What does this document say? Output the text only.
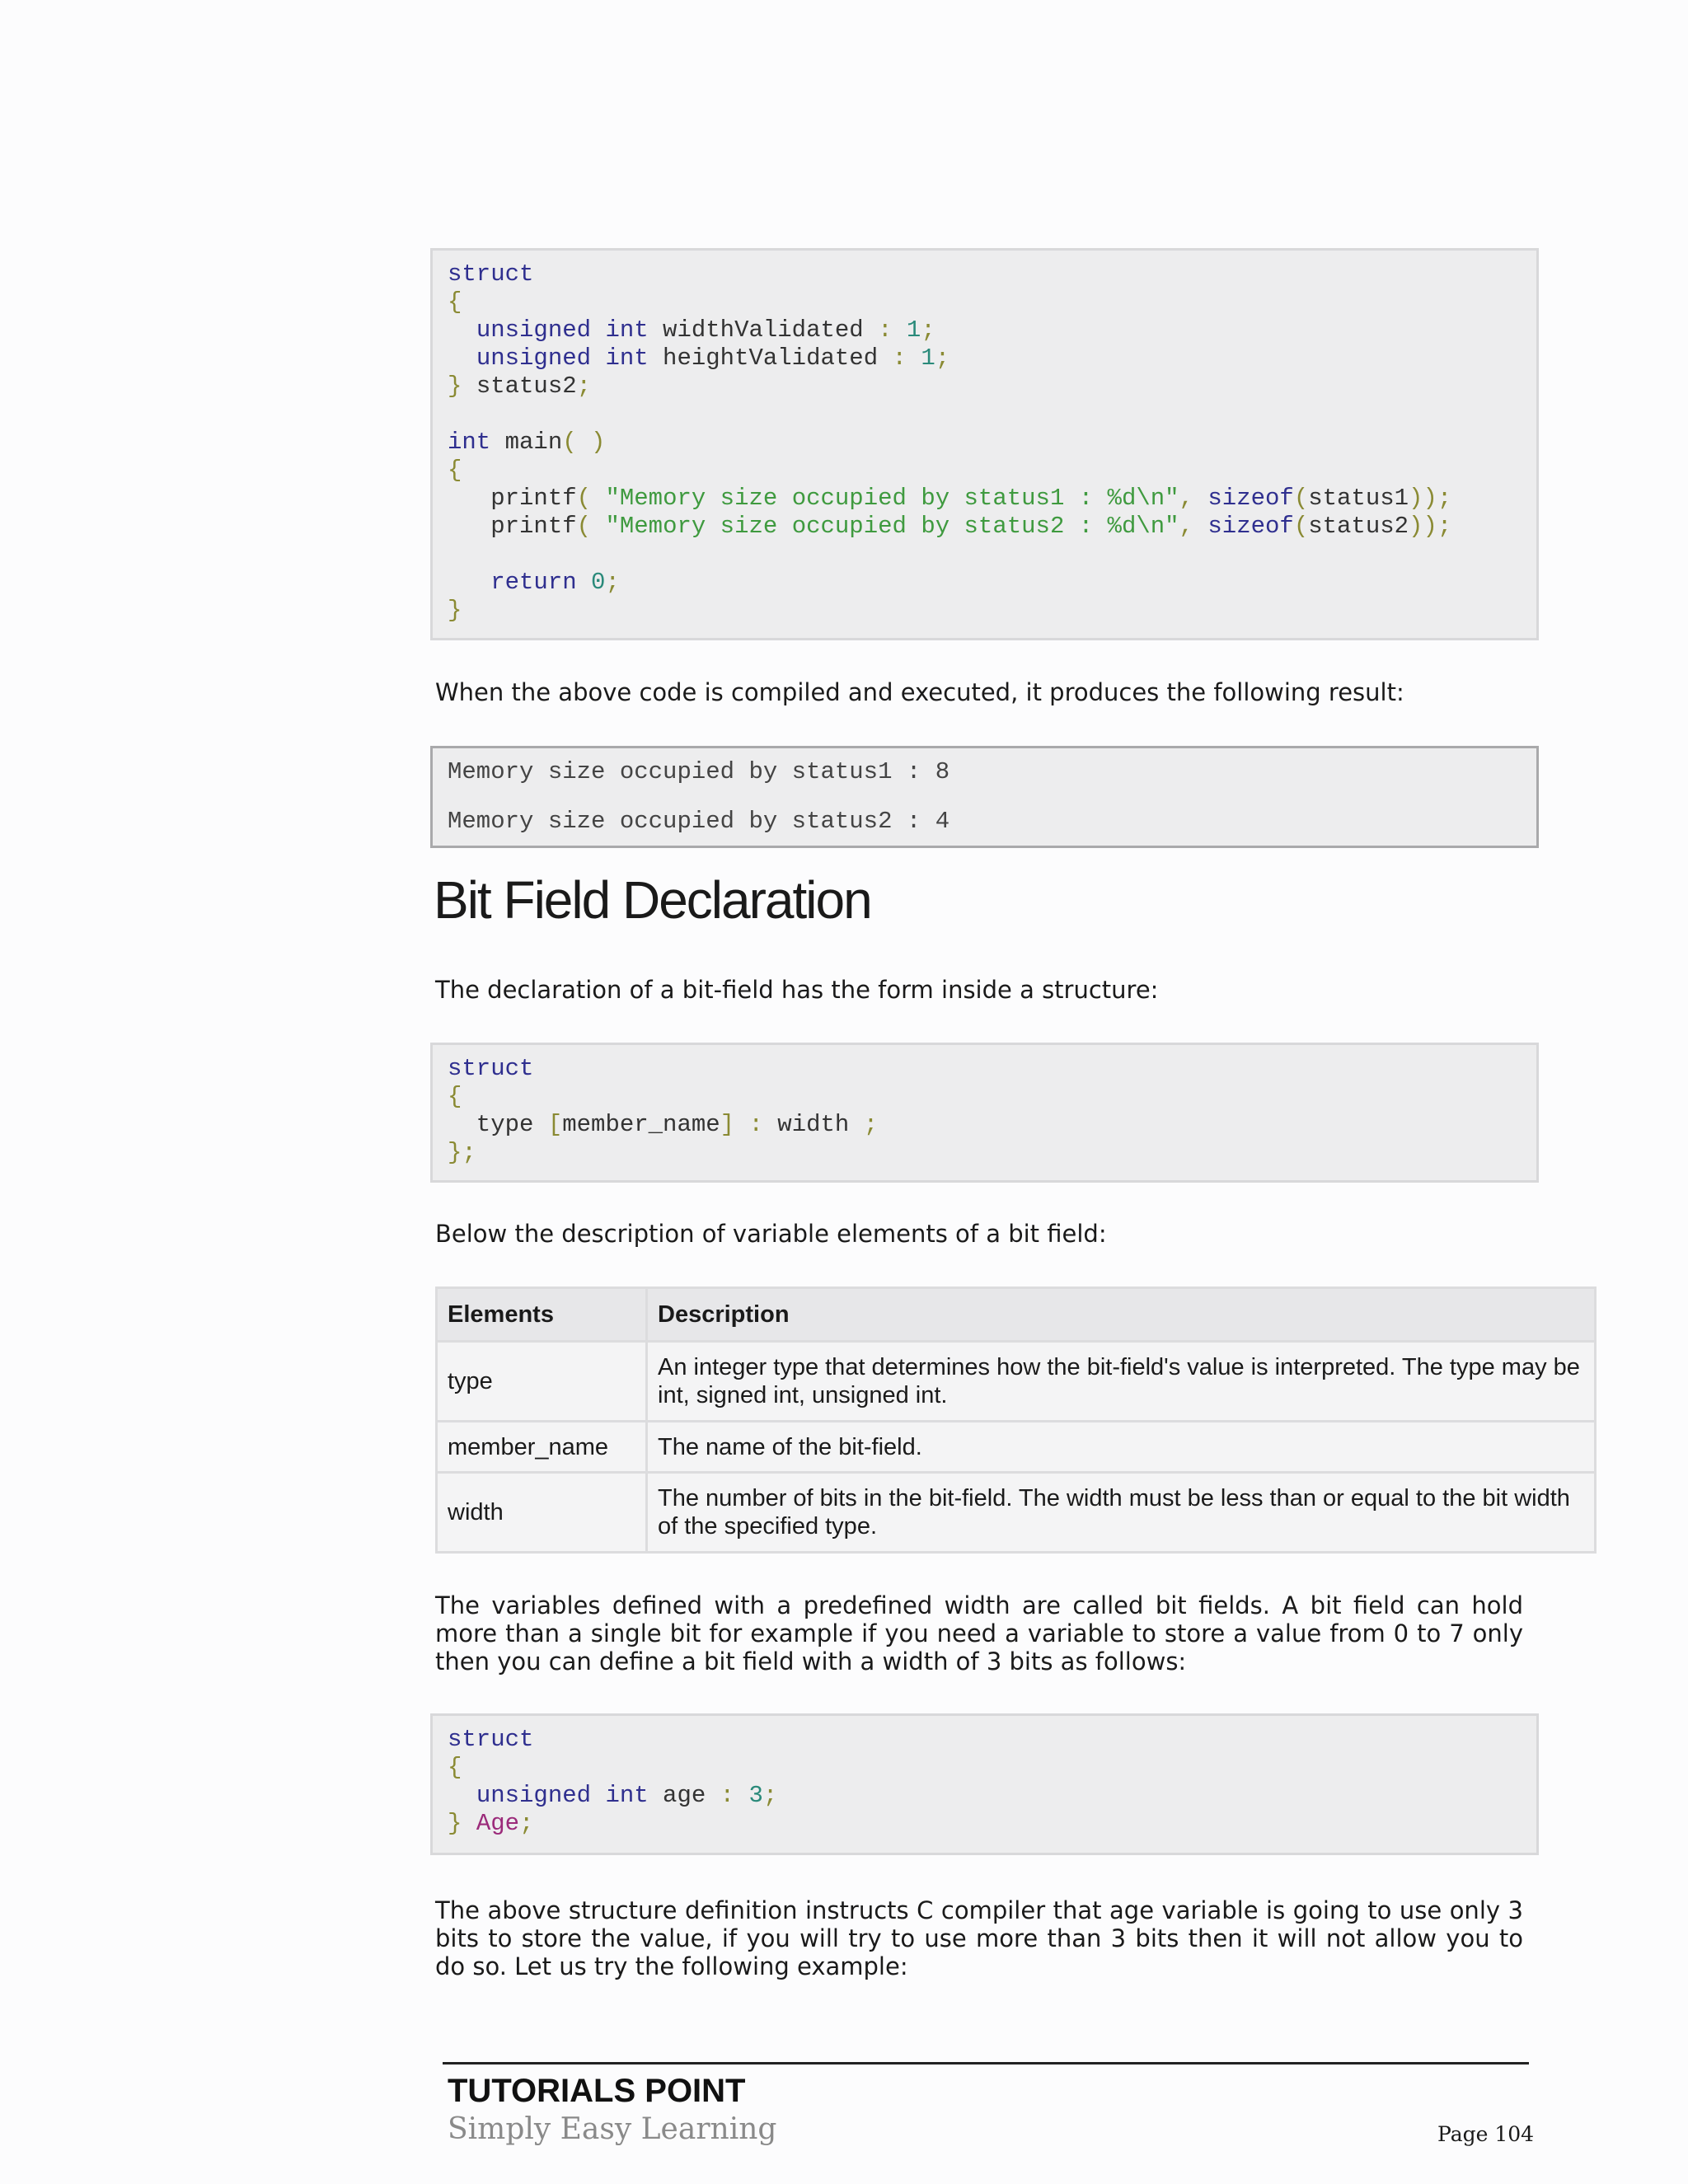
struct
{
unsigned int widthValidated : 1;
unsigned int heightValidated : 1;
} status2;
int main( )
{
printf( "Memory size occupied by status1 : %d\n", sizeof(status1));
printf( "Memory size occupied by status2 : %d\n", sizeof(status2));
return 0;
}
When the above code is compiled and executed, it produces the following result:
Memory size occupied by status1 : 8
Memory size occupied by status2 : 4
Bit Field Declaration
The declaration of a bit-field has the form inside a structure:
struct
{
type [member_name] : width ;
};
Below the description of variable elements of a bit field:
Elements	Description
type	An integer type that determines how the bit-field's value is interpreted. The type may be int, signed int, unsigned int.
member_name	The name of the bit-field.
width	The number of bits in the bit-field. The width must be less than or equal to the bit width of the specified type.
The variables defined with a predefined width are called bit fields. A bit field can hold more than a single bit for example if you need a variable to store a value from 0 to 7 only then you can define a bit field with a width of 3 bits as follows:
struct
{
unsigned int age : 3;
} Age;
The above structure definition instructs C compiler that age variable is going to use only 3 bits to store the value, if you will try to use more than 3 bits then it will not allow you to do so. Let us try the following example:
TUTORIALS POINT
Simply Easy Learning	Page 104
